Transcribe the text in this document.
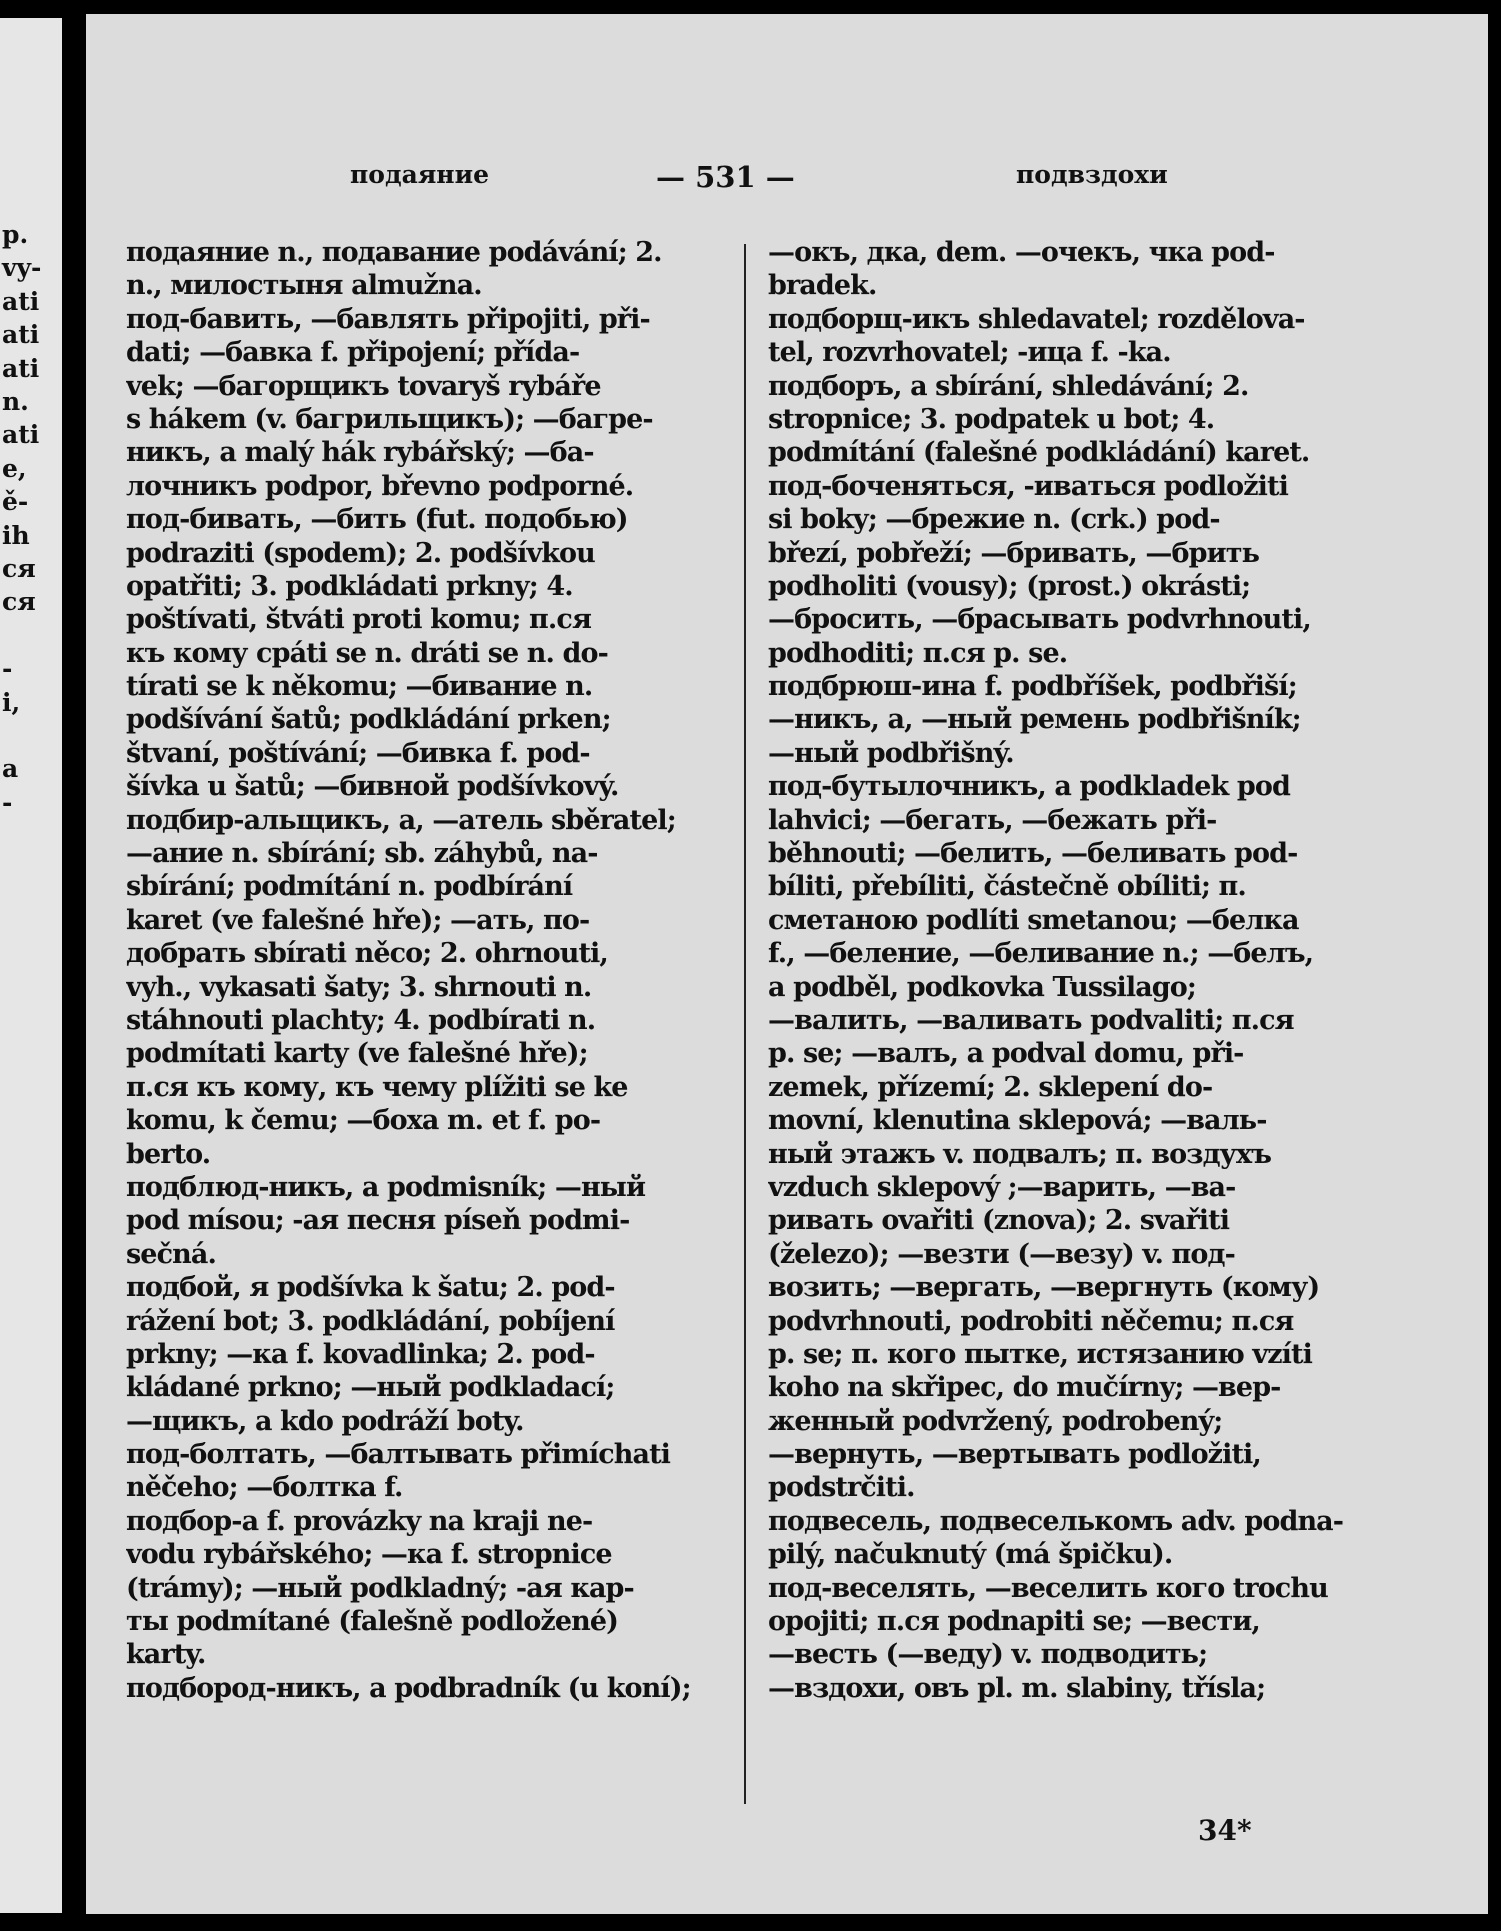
p.
vy-
ati
ati
ati
n.
ati
e,
ě-
ih
ся
ся
-
i,
a
-
подаяние	— 531 —	подвздохи
подаяние n., подавание podávání; 2.
n., милостыня almužna.
под-бавить, —бавлять připojiti, při-
dati; —бавка f. připojení; přída-
vek; —багорщикъ tovaryš rybáře
s hákem (v. багрильщикъ); —багре-
никъ, a malý hák rybářský; —ба-
лочникъ podpor, břevno podporné.
под-бивать, —бить (fut. подобью)
podraziti (spodem); 2. podšívkou
opatřiti; 3. podkládati prkny; 4.
poštívati, štváti proti komu; п.ся
къ кому cpáti se n. dráti se n. do-
tírati se k někomu; —бивание n.
podšívání šatů; podkládání prken;
štvaní, poštívání; —бивка f. pod-
šívka u šatů; —бивной podšívkový.
подбир-альщикъ, a, —атель sběratel;
—ание n. sbírání; sb. záhybů, na-
sbírání; podmítání n. podbírání
karet (ve falešné hře); —ать, по-
добрать sbírati něco; 2. ohrnouti,
vyh., vykasati šaty; 3. shrnouti n.
stáhnouti plachty; 4. podbírati n.
podmítati karty (ve falešné hře);
п.ся къ кому, къ чему plížiti se ke
komu, k čemu; —боха m. et f. po-
berto.
подблюд-никъ, a podmisník; —ный
pod mísou; -ая песня píseň podmi-
sečná.
подбой, я podšívka k šatu; 2. pod-
rážení bot; 3. podkládání, pobíjení
prkny; —ка f. kovadlinka; 2. pod-
kládané prkno; —ный podkladací;
—щикъ, a kdo podráží boty.
под-болтать, —балтывать přimíchati
něčeho; —болтка f.
подбор-а f. provázky na kraji ne-
vodu rybářského; —ка f. stropnice
(trámy); —ный podkladný; -ая кар-
ты podmítané (falešně podložené)
karty.
подбород-никъ, a podbradník (u koní);
—окъ, дка, dem. —очекъ, чка pod-
bradek.
подборщ-икъ shledavatel; rozdělova-
tel, rozvrhovatel; -ица f. -ka.
подборъ, a sbírání, shledávání; 2.
stropnice; 3. podpatek u bot; 4.
podmítání (falešné podkládání) karet.
под-боченяться, -иваться podložiti
si boky; —брежие n. (crk.) pod-
březí, pobřeží; —бривать, —брить
podholiti (vousy); (prost.) okrásti;
—бросить, —брасывать podvrhnouti,
podhoditi; п.ся p. se.
подбрюш-ина f. podbříšek, podbřiší;
—никъ, a, —ный ремень podbřišník;
—ный podbřišný.
под-бутылочникъ, a podkladek pod
lahvici; —бегать, —бежать při-
běhnouti; —белить, —беливать pod-
bíliti, přebíliti, částečně obíliti; п.
сметаною podlíti smetanou; —белка
f., —беление, —беливание n.; —белъ,
a podběl, podkovka Tussilago;
—валить, —валивать podvaliti; п.ся
p. se; —валъ, a podval domu, při-
zemek, přízemí; 2. sklepení do-
movní, klenutina sklepová; —валь-
ный этажъ v. подвалъ; п. воздухъ
vzduch sklepový ;—варить, —ва-
ривать ovařiti (znova); 2. svařiti
(železo); —везти (—везу) v. под-
возить; —вергать, —вергнуть (кому)
podvrhnouti, podrobiti něčemu; п.ся
p. se; п. кого пытке, истязанию vzíti
koho na skřipec, do mučírny; —вер-
женный podvržený, podrobený;
—вернуть, —вертывать podložiti,
podstrčiti.
подвесель, подвеселькомъ adv. podna-
pilý, načuknutý (má špičku).
под-веселять, —веселить кого trochu
opojiti; п.ся podnapiti se; —вести,
—весть (—веду) v. подводить;
—вздохи, овъ pl. m. slabiny, třísla;
34*
